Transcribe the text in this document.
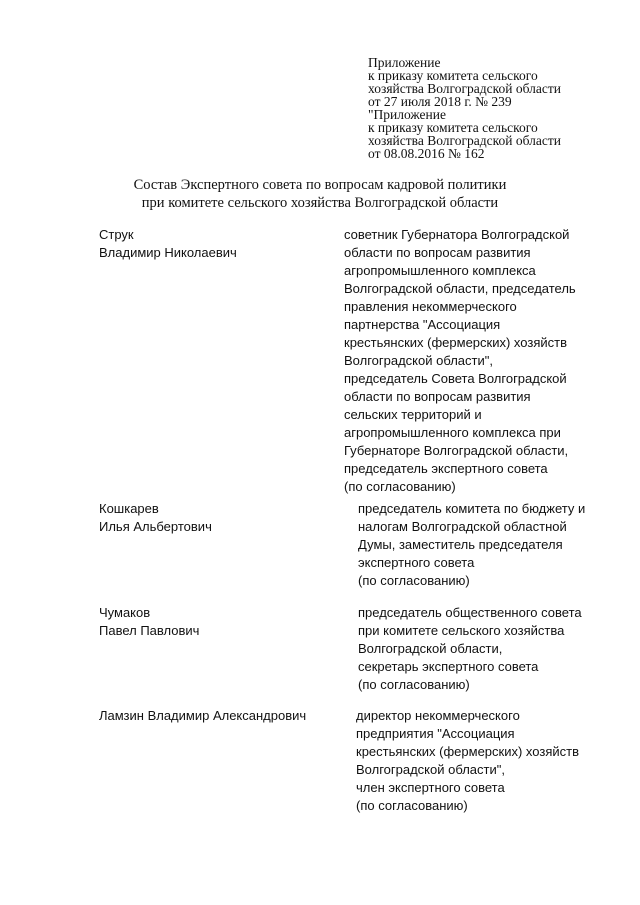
Приложение
к приказу комитета сельского
хозяйства Волгоградской области
от 27 июля 2018 г. № 239
"Приложение
к приказу комитета сельского
хозяйства Волгоградской области
от 08.08.2016 № 162
Состав Экспертного совета по вопросам кадровой политики
при комитете сельского хозяйства Волгоградской области
Струк
Владимир Николаевич
советник Губернатора Волгоградской
области по вопросам развития
агропромышленного комплекса
Волгоградской области, председатель
правления некоммерческого
партнерства "Ассоциация
крестьянских (фермерских) хозяйств
Волгоградской области",
председатель Совета Волгоградской
области по вопросам развития
сельских территорий и
агропромышленного комплекса при
Губернаторе Волгоградской области,
председатель экспертного совета
(по согласованию)
Кошкарев
Илья Альбертович
председатель комитета по бюджету и
налогам Волгоградской областной
Думы, заместитель председателя
экспертного совета
(по согласованию)
Чумаков
Павел Павлович
председатель общественного совета
при комитете сельского хозяйства
Волгоградской области,
секретарь экспертного совета
(по согласованию)
Ламзин Владимир Александрович	директор некоммерческого
предприятия "Ассоциация
крестьянских (фермерских) хозяйств
Волгоградской области",
член экспертного совета
(по согласованию)
